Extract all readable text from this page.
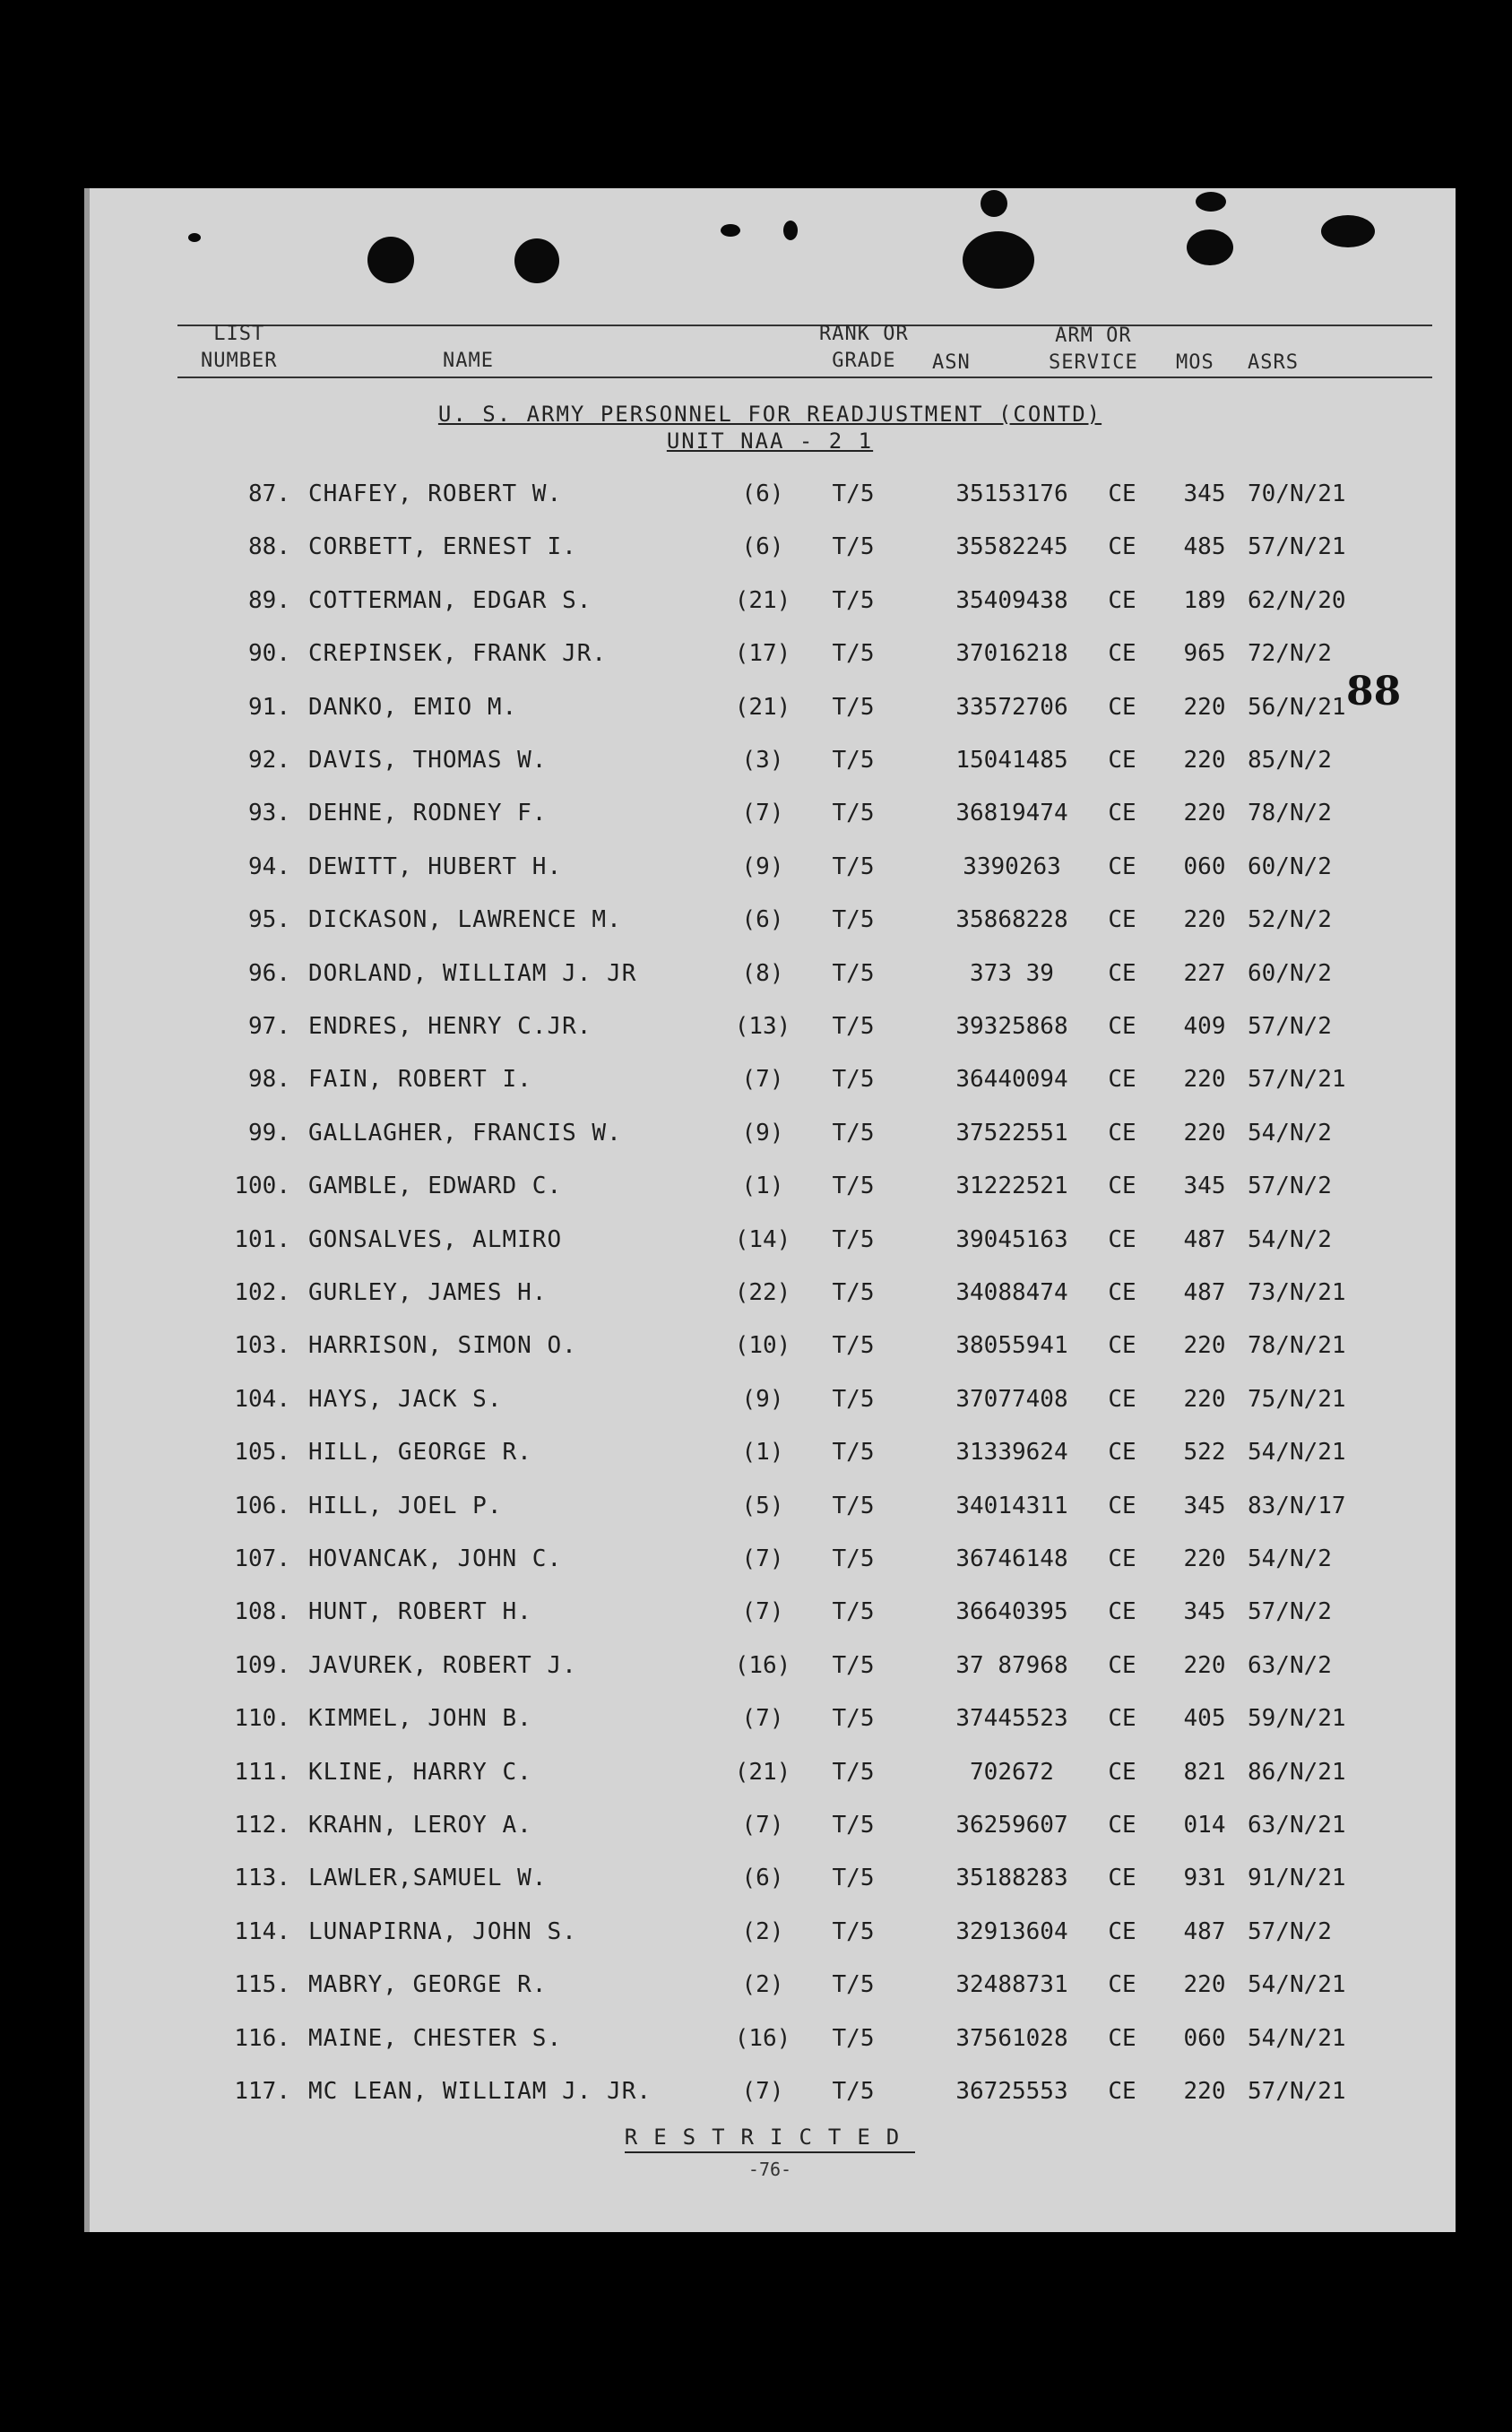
LIST
NUMBER	NAME
RANK OR
GRADE	ASN
ARM OR
SERVICE MOS ASRS
U. S. ARMY PERSONNEL FOR READJUSTMENT (CONTD)
UNIT NAA - 2 1
88
87. CHAFEY, ROBERT W.	(6)	T/5	35153176	CE	345 70/N/21
88. CORBETT, ERNEST I.	(6)	T/5	35582245	CE	485 57/N/21
89. COTTERMAN, EDGAR S.	(21)	T/5	35409438	CE	189 62/N/20
90. CREPINSEK, FRANK JR.	(17)	T/5	37016218	CE	965 72/N/2
91. DANKO, EMIO M.	(21)	T/5	33572706	CE	220 56/N/21
92. DAVIS, THOMAS W.	(3)	T/5	15041485	CE	220 85/N/2
93. DEHNE, RODNEY F.	(7)	T/5	36819474	CE	220 78/N/2
94. DEWITT, HUBERT H.	(9)	T/5	3390263	CE	060 60/N/2
95. DICKASON, LAWRENCE M.	(6)	T/5	35868228	CE	220 52/N/2
96. DORLAND, WILLIAM J. JR	(8)	T/5	373 39	CE	227 60/N/2
97. ENDRES, HENRY C.JR.	(13)	T/5	39325868	CE	409 57/N/2
98. FAIN, ROBERT I.	(7)	T/5	36440094	CE	220 57/N/21
99. GALLAGHER, FRANCIS W.	(9)	T/5	37522551	CE	220 54/N/2
100. GAMBLE, EDWARD C.	(1)	T/5	31222521	CE	345 57/N/2
101. GONSALVES, ALMIRO	(14)	T/5	39045163	CE	487 54/N/2
102. GURLEY, JAMES H.	(22)	T/5	34088474	CE	487 73/N/21
103. HARRISON, SIMON O.	(10)	T/5	38055941	CE	220 78/N/21
104. HAYS, JACK S.	(9)	T/5	37077408	CE	220 75/N/21
105. HILL, GEORGE R.	(1)	T/5	31339624	CE	522 54/N/21
106. HILL, JOEL P.	(5)	T/5	34014311	CE	345 83/N/17
107. HOVANCAK, JOHN C.	(7)	T/5	36746148	CE	220 54/N/2
108. HUNT, ROBERT H.	(7)	T/5	36640395	CE	345 57/N/2
109. JAVUREK, ROBERT J.	(16)	T/5	37 87968	CE	220 63/N/2
110. KIMMEL, JOHN B.	(7)	T/5	37445523	CE	405 59/N/21
111. KLINE, HARRY C.	(21)	T/5	702672	CE	821 86/N/21
112. KRAHN, LEROY A.	(7)	T/5	36259607	CE	014 63/N/21
113. LAWLER,SAMUEL W.	(6)	T/5	35188283	CE	931 91/N/21
114. LUNAPIRNA, JOHN S.	(2)	T/5	32913604	CE	487 57/N/2
115. MABRY, GEORGE R.	(2)	T/5	32488731	CE	220 54/N/21
116. MAINE, CHESTER S.	(16)	T/5	37561028	CE	060 54/N/21
117. MC LEAN, WILLIAM J. JR.	(7)	T/5	36725553	CE	220 57/N/21
RESTRICTED
-76-
